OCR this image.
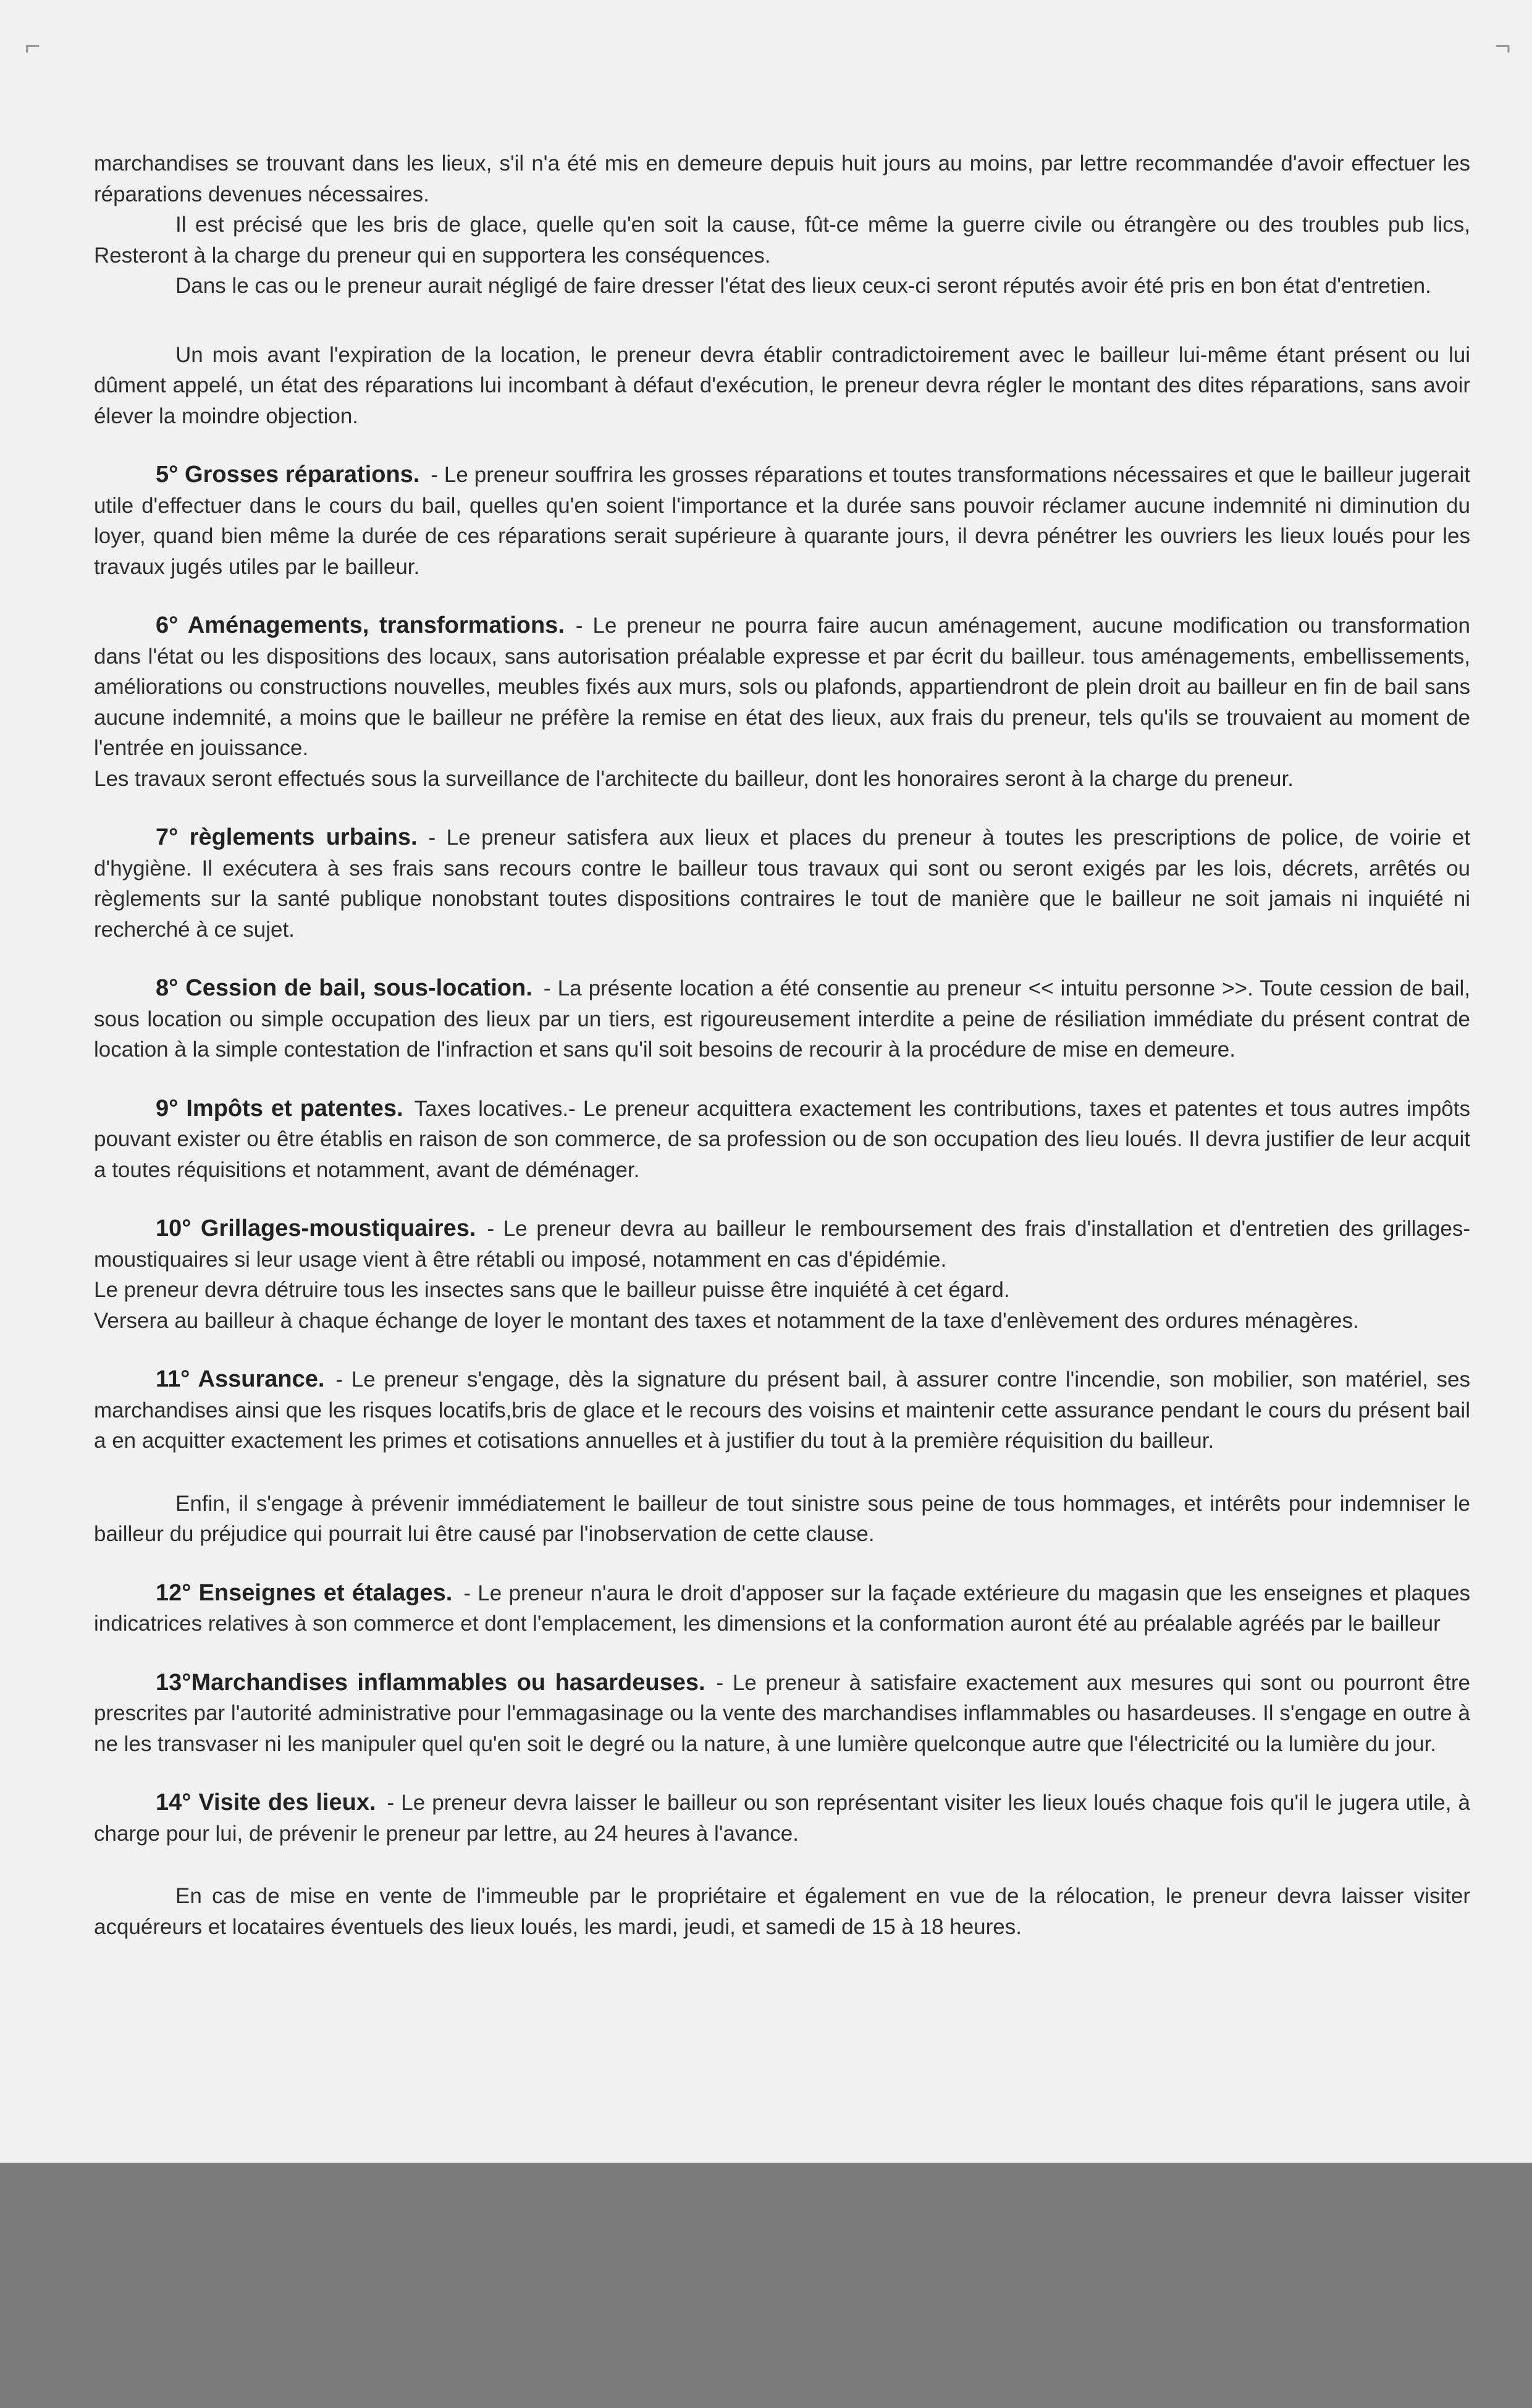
⌐	¬

marchandises se trouvant dans les lieux, s'il n'a été mis en demeure depuis huit jours au moins, par lettre recommandée d'avoir effectuer les réparations devenues nécessaires.

Il est précisé que les bris de glace, quelle qu'en soit la cause, fût-ce même la guerre civile ou étrangère ou des troubles pub lics, Resteront à la charge du preneur qui en supportera les conséquences.

Dans le cas ou le preneur aurait négligé de faire dresser l'état des lieux ceux-ci seront réputés avoir été pris en bon état d'entretien.

Un mois avant l'expiration de la location, le preneur devra établir contradictoirement avec le bailleur lui-même étant présent ou lui dûment appelé, un état des réparations lui incombant à défaut d'exécution, le preneur devra régler le montant des dites réparations, sans avoir élever la moindre objection.

5° Grosses réparations. - Le preneur souffrira les grosses réparations et toutes transformations nécessaires et que le bailleur jugerait utile d'effectuer dans le cours du bail, quelles qu'en soient l'importance et la durée sans pouvoir réclamer aucune indemnité ni diminution du loyer, quand bien même la durée de ces réparations serait supérieure à quarante jours, il devra pénétrer les ouvriers les lieux loués pour les travaux jugés utiles par le bailleur.

6° Aménagements, transformations. - Le preneur ne pourra faire aucun aménagement, aucune modification ou transformation dans l'état ou les dispositions des locaux, sans autorisation préalable expresse et par écrit du bailleur. tous aménagements, embellissements, améliorations ou constructions nouvelles, meubles fixés aux murs, sols ou plafonds, appartiendront de plein droit au bailleur en fin de bail sans aucune indemnité, a moins que le bailleur ne préfère la remise en état des lieux, aux frais du preneur, tels qu'ils se trouvaient au moment de l'entrée en jouissance.

Les travaux seront effectués sous la surveillance de l'architecte du bailleur, dont les honoraires seront à la charge du preneur.

7° règlements urbains. - Le preneur satisfera aux lieux et places du preneur à toutes les prescriptions de police, de voirie et d'hygiène. Il exécutera à ses frais sans recours contre le bailleur tous travaux qui sont ou seront exigés par les lois, décrets, arrêtés ou règlements sur la santé publique nonobstant toutes dispositions contraires le tout de manière que le bailleur ne soit jamais ni inquiété ni recherché à ce sujet.

8° Cession de bail, sous-location. - La présente location a été consentie au preneur << intuitu personne >>. Toute cession de bail, sous location ou simple occupation des lieux par un tiers, est rigoureusement interdite a peine de résiliation immédiate du présent contrat de location à la simple contestation de l'infraction et sans qu'il soit besoins de recourir à la procédure de mise en demeure.

9° Impôts et patentes. Taxes locatives.- Le preneur acquittera exactement les contributions, taxes et patentes et tous autres impôts pouvant exister ou être établis en raison de son commerce, de sa profession ou de son occupation des lieu loués. Il devra justifier de leur acquit a toutes réquisitions et notamment, avant de déménager.

10° Grillages-moustiquaires. - Le preneur devra au bailleur le remboursement des frais d'installation et d'entretien des grillages-moustiquaires si leur usage vient à être rétabli ou imposé, notamment en cas d'épidémie.

Le preneur devra détruire tous les insectes sans que le bailleur puisse être inquiété à cet égard.

Versera au bailleur à chaque échange de loyer le montant des taxes et notamment de la taxe d'enlèvement des ordures ménagères.

11° Assurance. - Le preneur s'engage, dès la signature du présent bail, à assurer contre l'incendie, son mobilier, son matériel, ses marchandises ainsi que les risques locatifs,bris de glace et le recours des voisins et maintenir cette assurance pendant le cours du présent bail a en acquitter exactement les primes et cotisations annuelles et à justifier du tout à la première réquisition du bailleur.

Enfin, il s'engage à prévenir immédiatement le bailleur de tout sinistre sous peine de tous hommages, et intérêts pour indemniser le bailleur du préjudice qui pourrait lui être causé par l'inobservation de cette clause.

12° Enseignes et étalages. - Le preneur n'aura le droit d'apposer sur la façade extérieure du magasin que les enseignes et plaques indicatrices relatives à son commerce et dont l'emplacement, les dimensions et la conformation auront été au préalable agréés par le bailleur

13°Marchandises inflammables ou hasardeuses. - Le preneur à satisfaire exactement aux mesures qui sont ou pourront être prescrites par l'autorité administrative pour l'emmagasinage ou la vente des marchandises inflammables ou hasardeuses. Il s'engage en outre à ne les transvaser ni les manipuler quel qu'en soit le degré ou la nature, à une lumière quelconque autre que l'électricité ou la lumière du jour.

14° Visite des lieux. - Le preneur devra laisser le bailleur ou son représentant visiter les lieux loués chaque fois qu'il le jugera utile, à charge pour lui, de prévenir le preneur par lettre, au 24 heures à l'avance.

En cas de mise en vente de l'immeuble par le propriétaire et également en vue de la rélocation, le preneur devra laisser visiter acquéreurs et locataires éventuels des lieux loués, les mardi, jeudi, et samedi de 15 à 18 heures.
